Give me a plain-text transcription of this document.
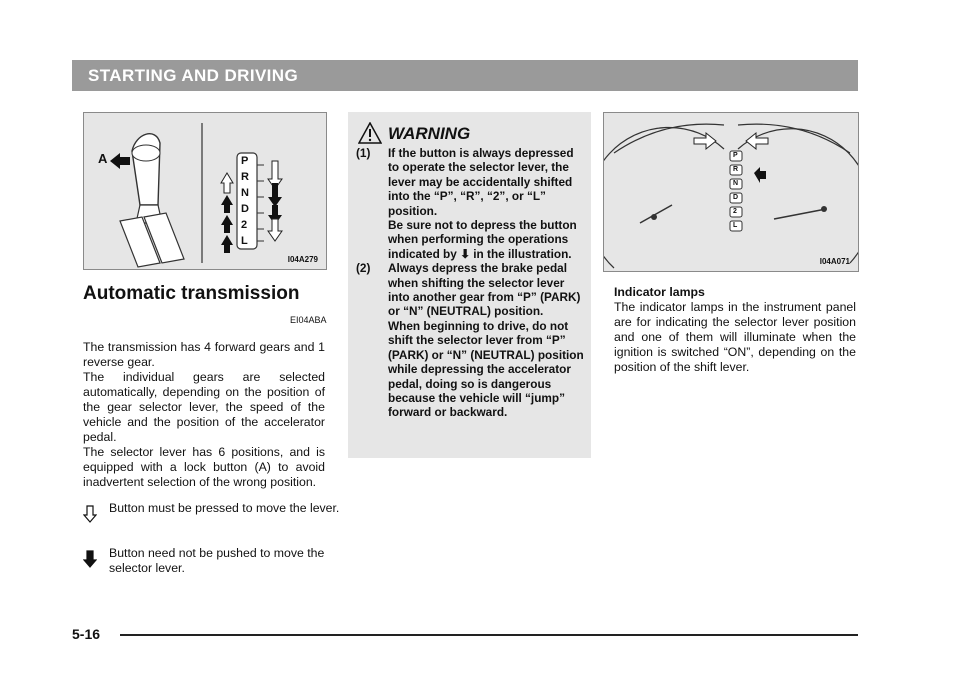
STARTING AND DRIVING
A	P
R
N
D
2
L
I04A279
Automatic transmission
EI04ABA

The transmission has 4 forward gears and 1 reverse gear.

The individual gears are selected automatically, depending on the position of the gear selector lever, the speed of the vehicle and the position of the accelerator pedal.

The selector lever has 6 positions, and is equipped with a lock button (A) to avoid inadvertent selection of the wrong position.

Button must be pressed to move the lever.
Button need not be pushed to move the selector lever.
WARNING
(1) If the button is always depressed to operate the selector lever, the lever may be accidentally shifted into the “P”, “R”, “2”, or “L” position.

Be sure not to depress the button when performing the operations indicated by ⬇ in the illustration.

(2) Always depress the brake pedal when shifting the selector lever into another gear from “P” (PARK) or “N” (NEUTRAL) position.

When beginning to drive, do not shift the selector lever from “P” (PARK) or “N” (NEUTRAL) position while depressing the accelerator pedal, doing so is dangerous because the vehicle will “jump” forward or backward.

P
R
N
D
2
L
I04A071
Indicator lamps
The indicator lamps in the instrument panel are for indicating the selector lever position and one of them will illuminate when the ignition is switched “ON”, depending on the position of the shift lever.
5-16
